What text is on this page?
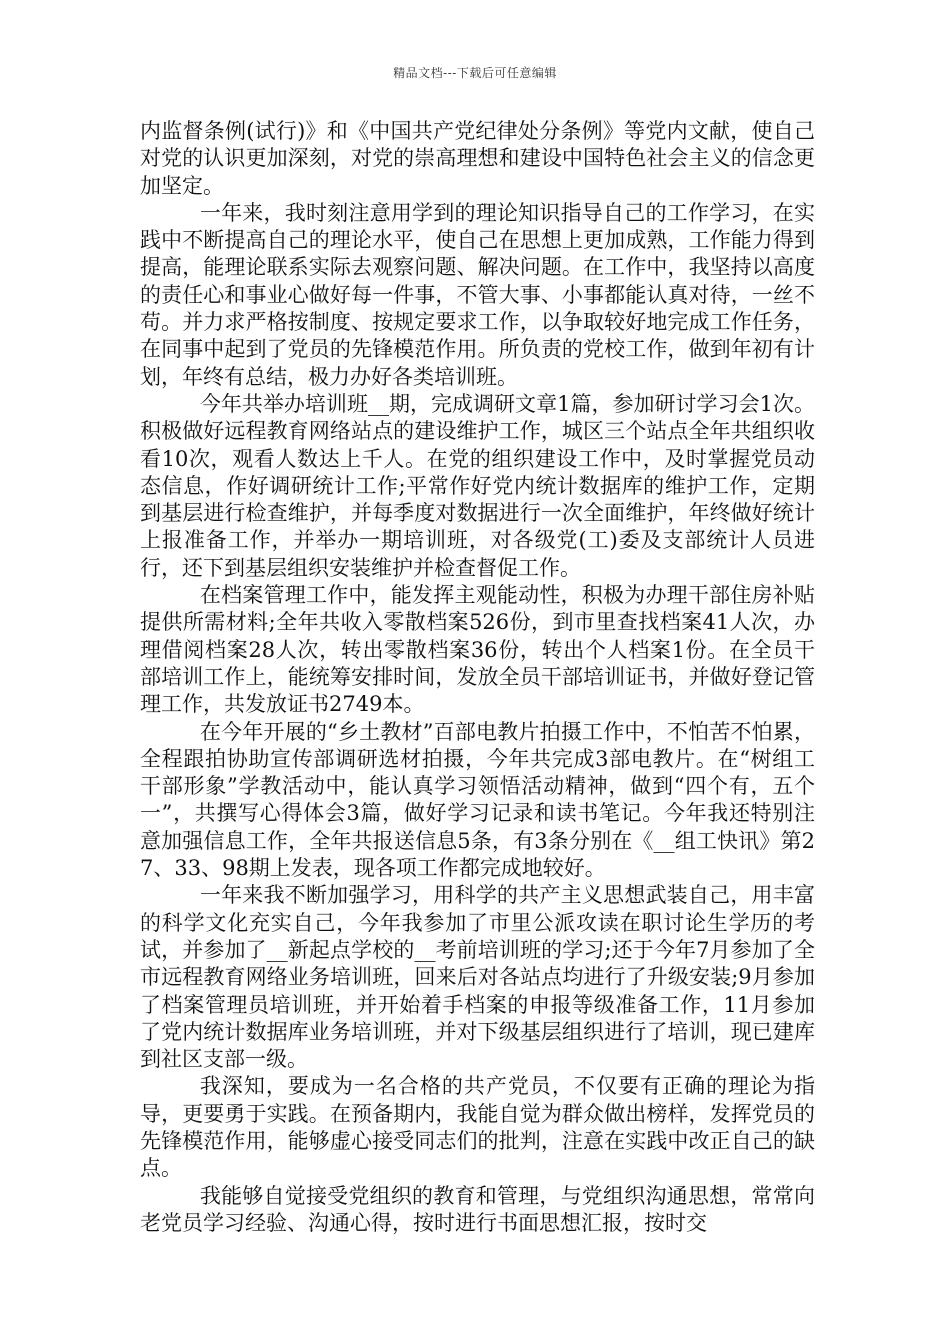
精品文档---下载后可任意编辑

内监督条例(试行)》和《中国共产党纪律处分条例》等党内文献，使自己对党的认识更加深刻，对党的崇高理想和建设中国特色社会主义的信念更加坚定。

一年来，我时刻注意用学到的理论知识指导自己的工作学习，在实践中不断提高自己的理论水平，使自己在思想上更加成熟，工作能力得到提高，能理论联系实际去观察问题、解决问题。在工作中，我坚持以高度的责任心和事业心做好每一件事，不管大事、小事都能认真对待，一丝不苟。并力求严格按制度、按规定要求工作，以争取较好地完成工作任务，在同事中起到了党员的先锋模范作用。所负责的党校工作，做到年初有计划，年终有总结，极力办好各类培训班。

今年共举办培训班__期，完成调研文章1篇，参加研讨学习会1次。积极做好远程教育网络站点的建设维护工作，城区三个站点全年共组织收看10次，观看人数达上千人。在党的组织建设工作中，及时掌握党员动态信息，作好调研统计工作;平常作好党内统计数据库的维护工作，定期到基层进行检查维护，并每季度对数据进行一次全面维护，年终做好统计上报准备工作，并举办一期培训班，对各级党(工)委及支部统计人员进行，还下到基层组织安装维护并检查督促工作。

在档案管理工作中，能发挥主观能动性，积极为办理干部住房补贴提供所需材料;全年共收入零散档案526份，到市里查找档案41人次，办理借阅档案28人次，转出零散档案36份，转出个人档案1份。在全员干部培训工作上，能统筹安排时间，发放全员干部培训证书，并做好登记管理工作，共发放证书2749本。

在今年开展的“乡土教材”百部电教片拍摄工作中，不怕苦不怕累，全程跟拍协助宣传部调研选材拍摄，今年共完成3部电教片。在“树组工干部形象”学教活动中，能认真学习领悟活动精神，做到“四个有，五个一”，共撰写心得体会3篇，做好学习记录和读书笔记。今年我还特别注意加强信息工作，全年共报送信息5条，有3条分别在《__组工快讯》第27、33、98期上发表，现各项工作都完成地较好。

一年来我不断加强学习，用科学的共产主义思想武装自己，用丰富的科学文化充实自己，今年我参加了市里公派攻读在职讨论生学历的考试，并参加了__新起点学校的__考前培训班的学习;还于今年7月参加了全市远程教育网络业务培训班，回来后对各站点均进行了升级安装;9月参加了档案管理员培训班，并开始着手档案的申报等级准备工作，11月参加了党内统计数据库业务培训班，并对下级基层组织进行了培训，现已建库到社区支部一级。

我深知，要成为一名合格的共产党员，不仅要有正确的理论为指导，更要勇于实践。在预备期内，我能自觉为群众做出榜样，发挥党员的先锋模范作用，能够虚心接受同志们的批判，注意在实践中改正自己的缺点。

我能够自觉接受党组织的教育和管理，与党组织沟通思想，常常向老党员学习经验、沟通心得，按时进行书面思想汇报，按时交
